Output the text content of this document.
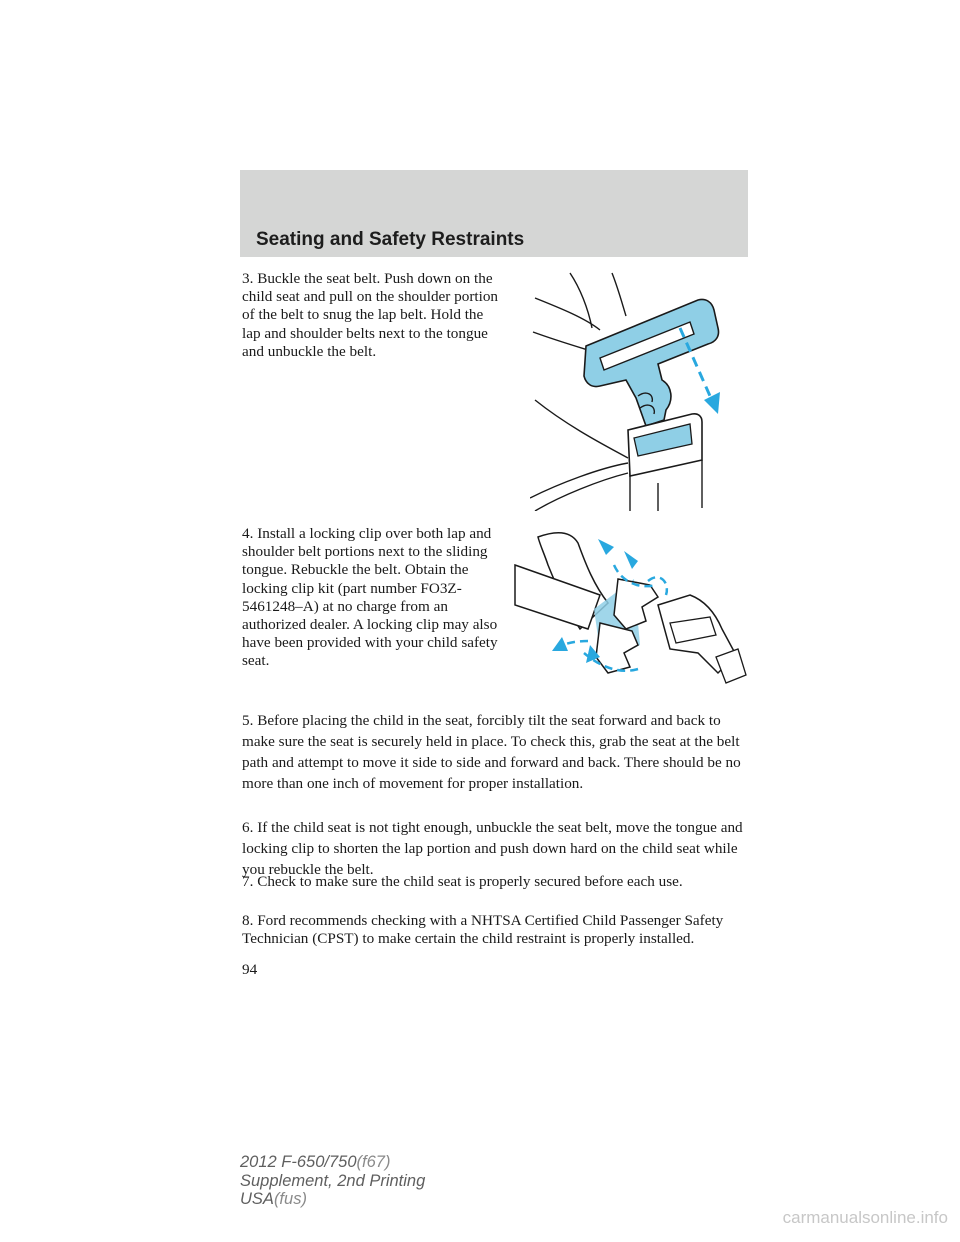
Seating and Safety Restraints

3. Buckle the seat belt. Push down on the child seat and pull on the shoulder portion of the belt to snug the lap belt. Hold the lap and shoulder belts next to the tongue and unbuckle the belt.

4. Install a locking clip over both lap and shoulder belt portions next to the sliding tongue. Rebuckle the belt. Obtain the locking clip kit (part number FO3Z-5461248–A) at no charge from an authorized dealer. A locking clip may also have been provided with your child safety seat.

5. Before placing the child in the seat, forcibly tilt the seat forward and back to make sure the seat is securely held in place. To check this, grab the seat at the belt path and attempt to move it side to side and forward and back. There should be no more than one inch of movement for proper installation.

6. If the child seat is not tight enough, unbuckle the seat belt, move the tongue and locking clip to shorten the lap portion and push down hard on the child seat while you rebuckle the belt.

7. Check to make sure the child seat is properly secured before each use.

8. Ford recommends checking with a NHTSA Certified Child Passenger Safety Technician (CPST) to make certain the child restraint is properly installed.

94
2012 F-650/750(f67)
Supplement, 2nd Printing
USA(fus)
carmanualsonline.info
